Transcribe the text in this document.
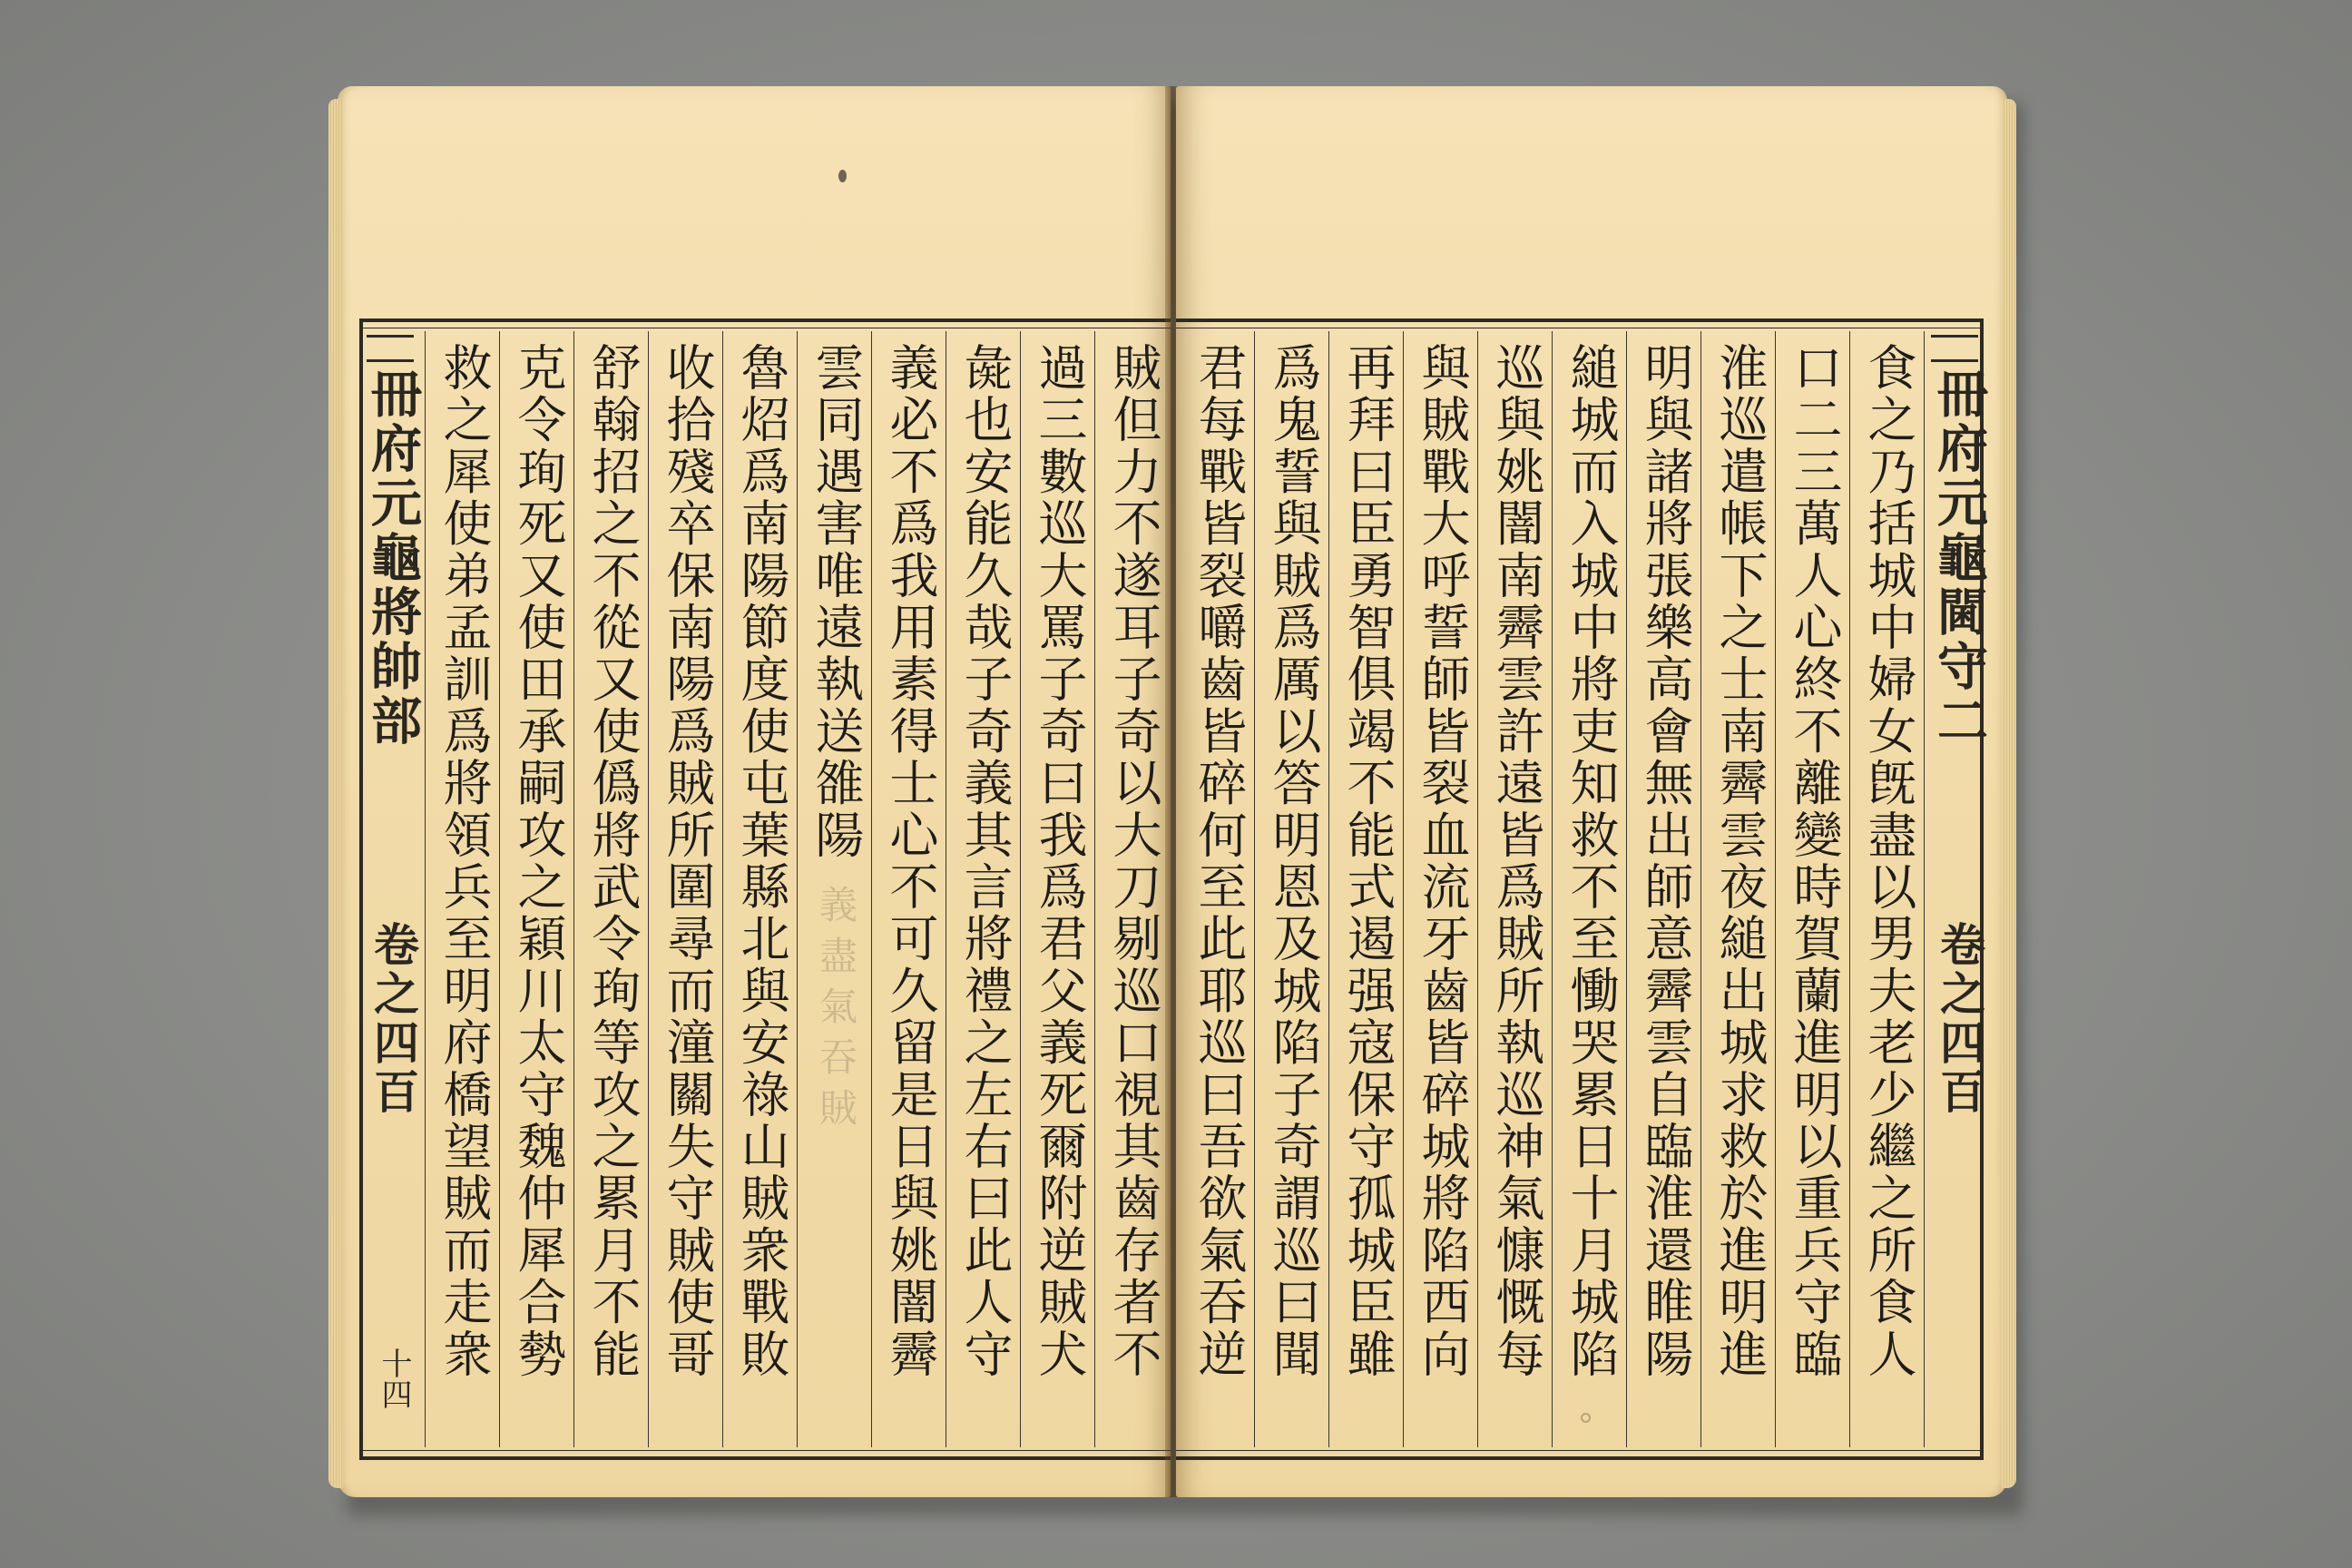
冊府元龜將帥部
卷之四百
十四 救之犀使弟孟訓爲將領兵至明府橋望賊而走衆 克令珣死又使田承嗣攻之穎川太守魏仲犀合勢 舒翰招之不從又使僞將武令珣等攻之累月不能 收拾殘卒保南陽爲賊所圍尋而潼關失守賊使哥 魯炤爲南陽節度使屯葉縣北與安祿山賊衆戰敗 雲同遇害唯遠執送雒陽
義盡氣吞賊 義必不爲我用素得士心不可久留是日與姚闇霽 彘也安能久哉子奇義其言將禮之左右曰此人守 過三數巡大罵子奇曰我爲君父義死爾附逆賊犬 賊但力不遂耳子奇以大刀剔巡口視其齒存者不 君每戰皆裂嚼齒皆碎何至此耶巡曰吾欲氣吞逆 爲鬼誓與賊爲厲以答明恩及城陷子奇謂巡曰聞 再拜曰臣勇智俱竭不能式遏强寇保守孤城臣雖 與賊戰大呼誓師皆裂血流牙齒皆碎城將陷西向 巡與姚闇南霽雲許遠皆爲賊所執巡神氣慷慨每 縋城而入城中將吏知救不至慟哭累日十月城陷 明與諸將張樂高會無出師意霽雲自臨淮還睢陽 淮巡遣帳下之士南霽雲夜縋出城求救於進明進 口二三萬人心終不離變時賀蘭進明以重兵守臨 食之乃括城中婦女旣盡以男夫老少繼之所食人 冊府元龜閫守二
卷之四百
